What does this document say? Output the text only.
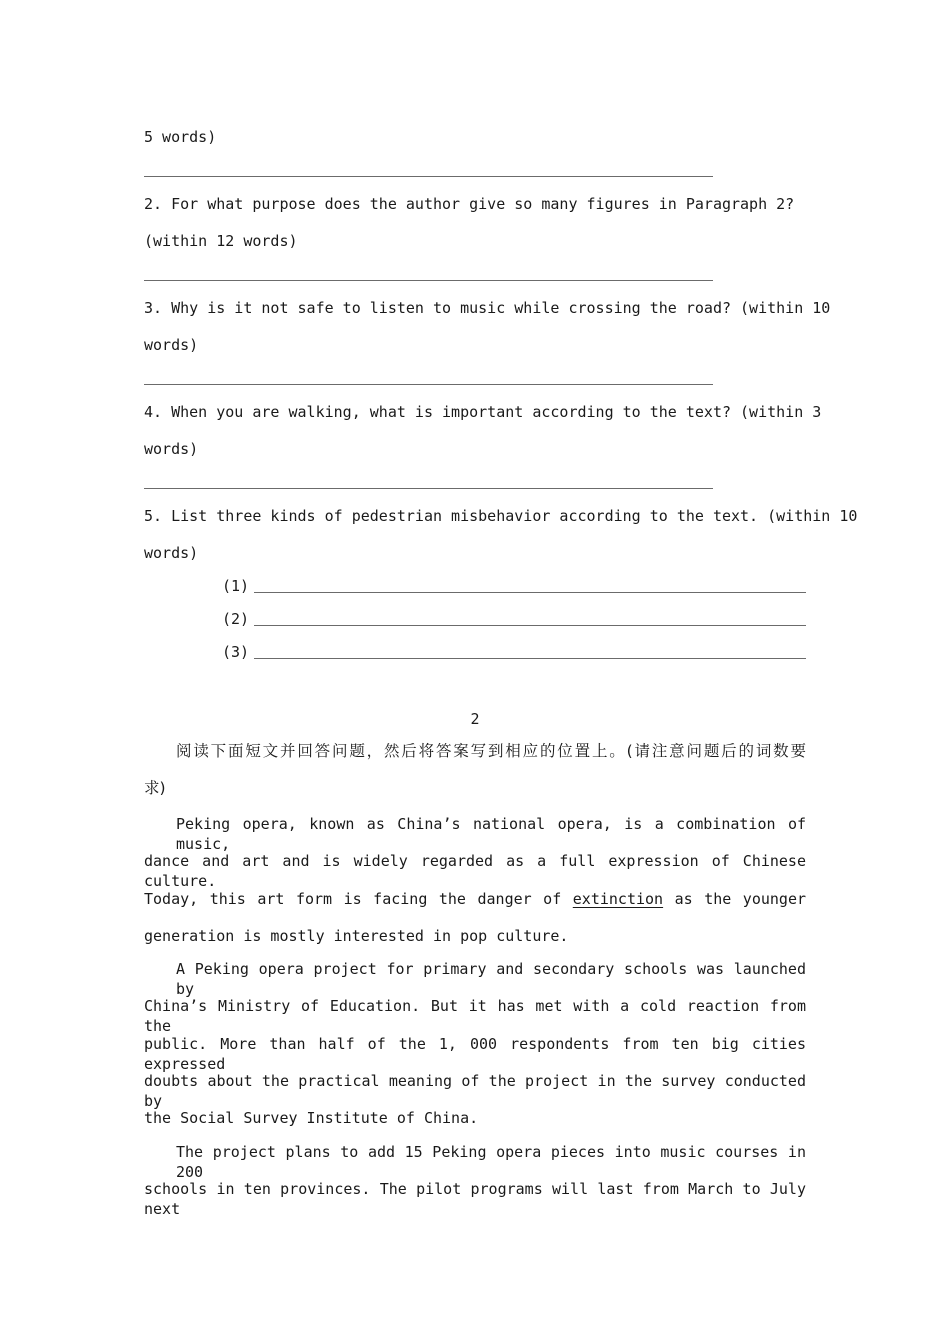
5 words)
2. For what purpose does the author give so many figures in Paragraph 2?
(within 12 words)
3. Why is it not safe to listen to music while crossing the road? (within 10
words)
4. When you are walking, what is important according to the text? (within 3
words)
5. List three kinds of pedestrian misbehavior according to the text. (within 10
words)
(1)
(2)
(3)
2
阅读下面短文并回答问题，然后将答案写到相应的位置上。(请注意问题后的词数要
求)
Peking opera, known as China’s national opera, is a combination of music,
dance and art and is widely regarded as a full expression of Chinese culture.
Today, this art form is facing the danger of extinction as the younger
generation is mostly interested in pop culture.
A Peking opera project for primary and secondary schools was launched by
China’s Ministry of Education. But it has met with a cold reaction from the
public. More than half of the 1, 000 respondents from ten big cities expressed
doubts about the practical meaning of the project in the survey conducted by
the Social Survey Institute of China.
The project plans to add 15 Peking opera pieces into music courses in 200
schools in ten provinces. The pilot programs will last from March to July next
